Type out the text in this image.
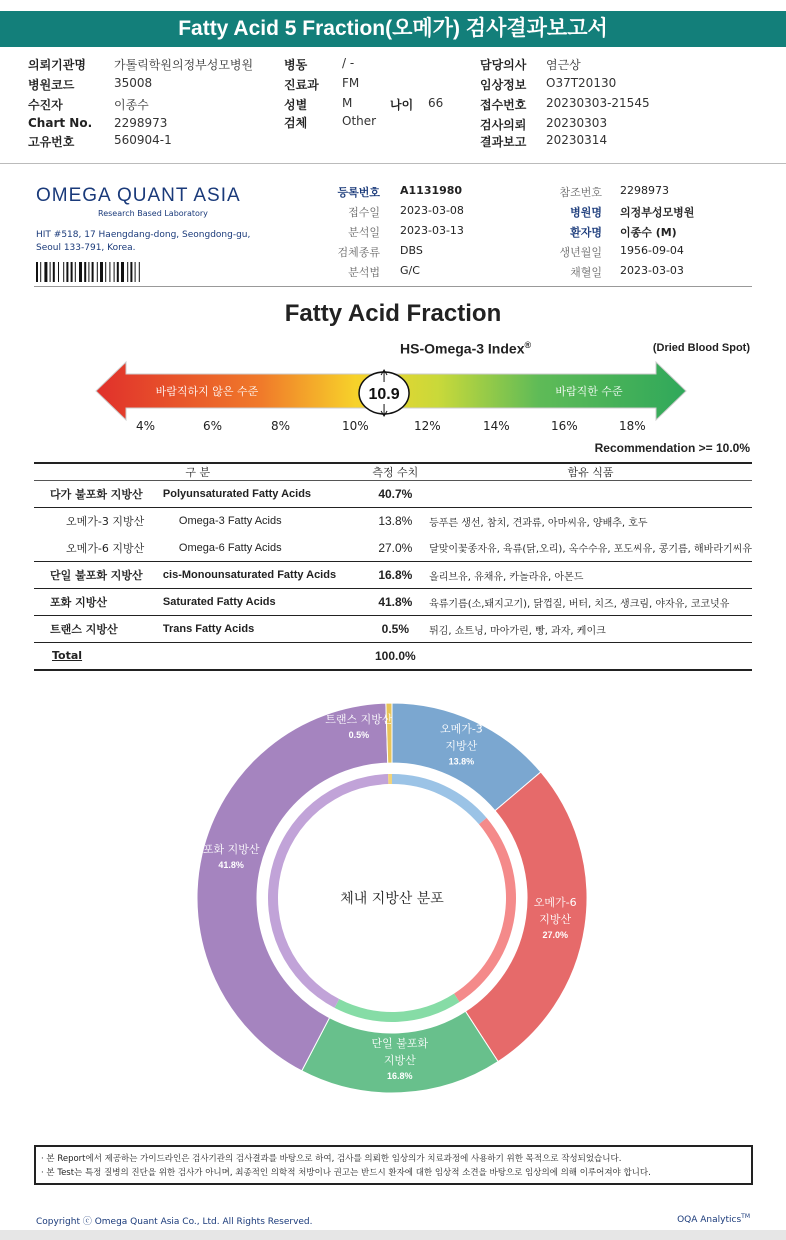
Fatty Acid 5 Fraction(오메가) 검사결과보고서
의뢰기관명 가톨릭학원의정부성모병원
병원코드	35008
수진자	이종수
Chart No. 2298973
고유번호	560904-1
병동	/ -
진료과 FM
성별	M	나이 66
검체	Other
담당의사 염근상
임상정보 O37T20130
접수번호 20230303-21545
검사의뢰 20230303
결과보고 20230314
OMEGA QUANT ASIA
Research Based Laboratory
HIT #518, 17 Haengdang-dong, Seongdong-gu,
Seoul 133-791, Korea.
등록번호 A1131980
접수일 2023-03-08
분석일 2023-03-13
검체종류 DBS
분석법 G/C
참조번호 2298973
병원명 의정부성모병원
환자명 이종수 (M)
생년월일 1956-09-04
채혈일 2023-03-03
Fatty Acid Fraction
HS-Omega-3 Index®	(Dried Blood Spot)
바람직하지 않은 수준	바람직한 수준
10.9
4%	6%	8%	10%	12%	14%	16%	18%
Recommendation >= 10.0%
구 분		측정 수치	함유 식품
다가 불포화 지방산	Polyunsaturated Fatty Acids	40.7%	
오메가-3 지방산	Omega-3 Fatty Acids	13.8%	등푸른 생선, 참치, 견과류, 아마씨유, 양배추, 호두
오메가-6 지방산	Omega-6 Fatty Acids	27.0%	달맞이꽃종자유, 육류(닭,오리), 옥수수유, 포도씨유, 콩기름, 해바라기씨유
단일 불포화 지방산	cis-Monounsaturated Fatty Acids	16.8%	올리브유, 유채유, 카놀라유, 아몬드
포화 지방산	Saturated Fatty Acids	41.8%	육류기름(소,돼지고기), 닭껍질, 버터, 치즈, 생크림, 야자유, 코코넛유
트랜스 지방산	Trans Fatty Acids	0.5%	튀김, 쇼트닝, 마아가린, 빵, 과자, 케이크
Total		100.0%	
오메가-3
지방산
13.8%
오메가-6
지방산
27.0%
단일 불포화
지방산
16.8%
포화 지방산
41.8%
트랜스 지방산
0.5%
체내 지방산 분포
· 본 Report에서 제공하는 가이드라인은 검사기관의 검사결과를 바탕으로 하여, 검사를 의뢰한 임상의가 치료과정에 사용하기 위한 목적으로 작성되었습니다.
· 본 Test는 특정 질병의 진단을 위한 검사가 아니며, 최종적인 의학적 처방이나 권고는 반드시 환자에 대한 임상적 소견을 바탕으로 임상의에 의해 이루어져야 합니다.
Copyright ⓒ Omega Quant Asia Co., Ltd. All Rights Reserved.	OQA Analytics™
